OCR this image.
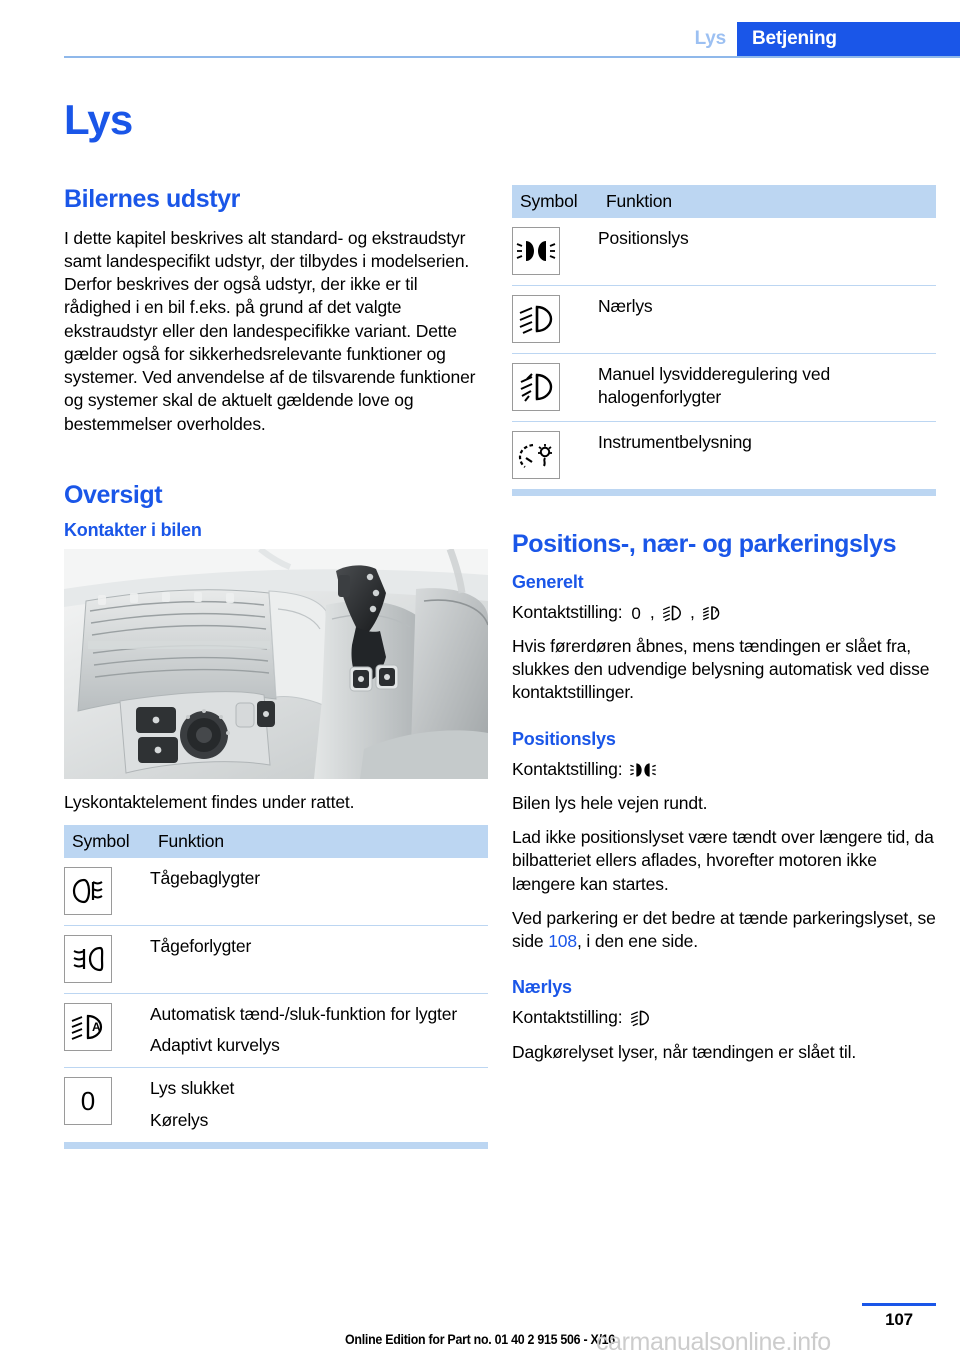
Lys Betjening
Lys
Bilernes udstyr

I dette kapitel beskrives alt standard- og ekstraudstyr samt landespecifikt udstyr, der tilbydes i modelserien. Derfor beskrives der også udstyr, der ikke er til rådighed i en bil f.eks. på grund af det valgte ekstraudstyr eller den landespecifikke variant. Dette gælder også for sikkerhedsrelevante funktioner og systemer. Ved anvendelse af de tilsvarende funktioner og systemer skal de aktuelt gældende love og bestemmelser overholdes.

Oversigt
Kontakter i bilen
Lyskontaktelement findes under rattet.
Symbol	Funktion

Tågebaglygter

Tågeforlygter

A	Automatisk tænd-/sluk-funktion for lygter
Adaptivt kurvelys

0	Lys slukket
Kørelys
Symbol	Funktion

Positionslys

Nærlys

Manuel lysvidderegulering ved halogenforlygter

Instrumentbelysning
Positions-, nær- og parkeringslys
Generelt

Kontaktstilling: 0 , , A

Hvis førerdøren åbnes, mens tændingen er slået fra, slukkes den udvendige belysning automatisk ved disse kontaktstillinger.

Positionslys

Kontaktstilling:

Bilen lys hele vejen rundt.

Lad ikke positionslyset være tændt over længere tid, da bilbatteriet ellers aflades, hvorefter motoren ikke længere kan startes.

Ved parkering er det bedre at tænde parkeringslyset, se side 108, i den ene side.

Nærlys

Kontaktstilling:

Dagkørelyset lyser, når tændingen er slået til.

107
Online Edition for Part no. 01 40 2 915 506 - X/16
carmanualsonline.info
